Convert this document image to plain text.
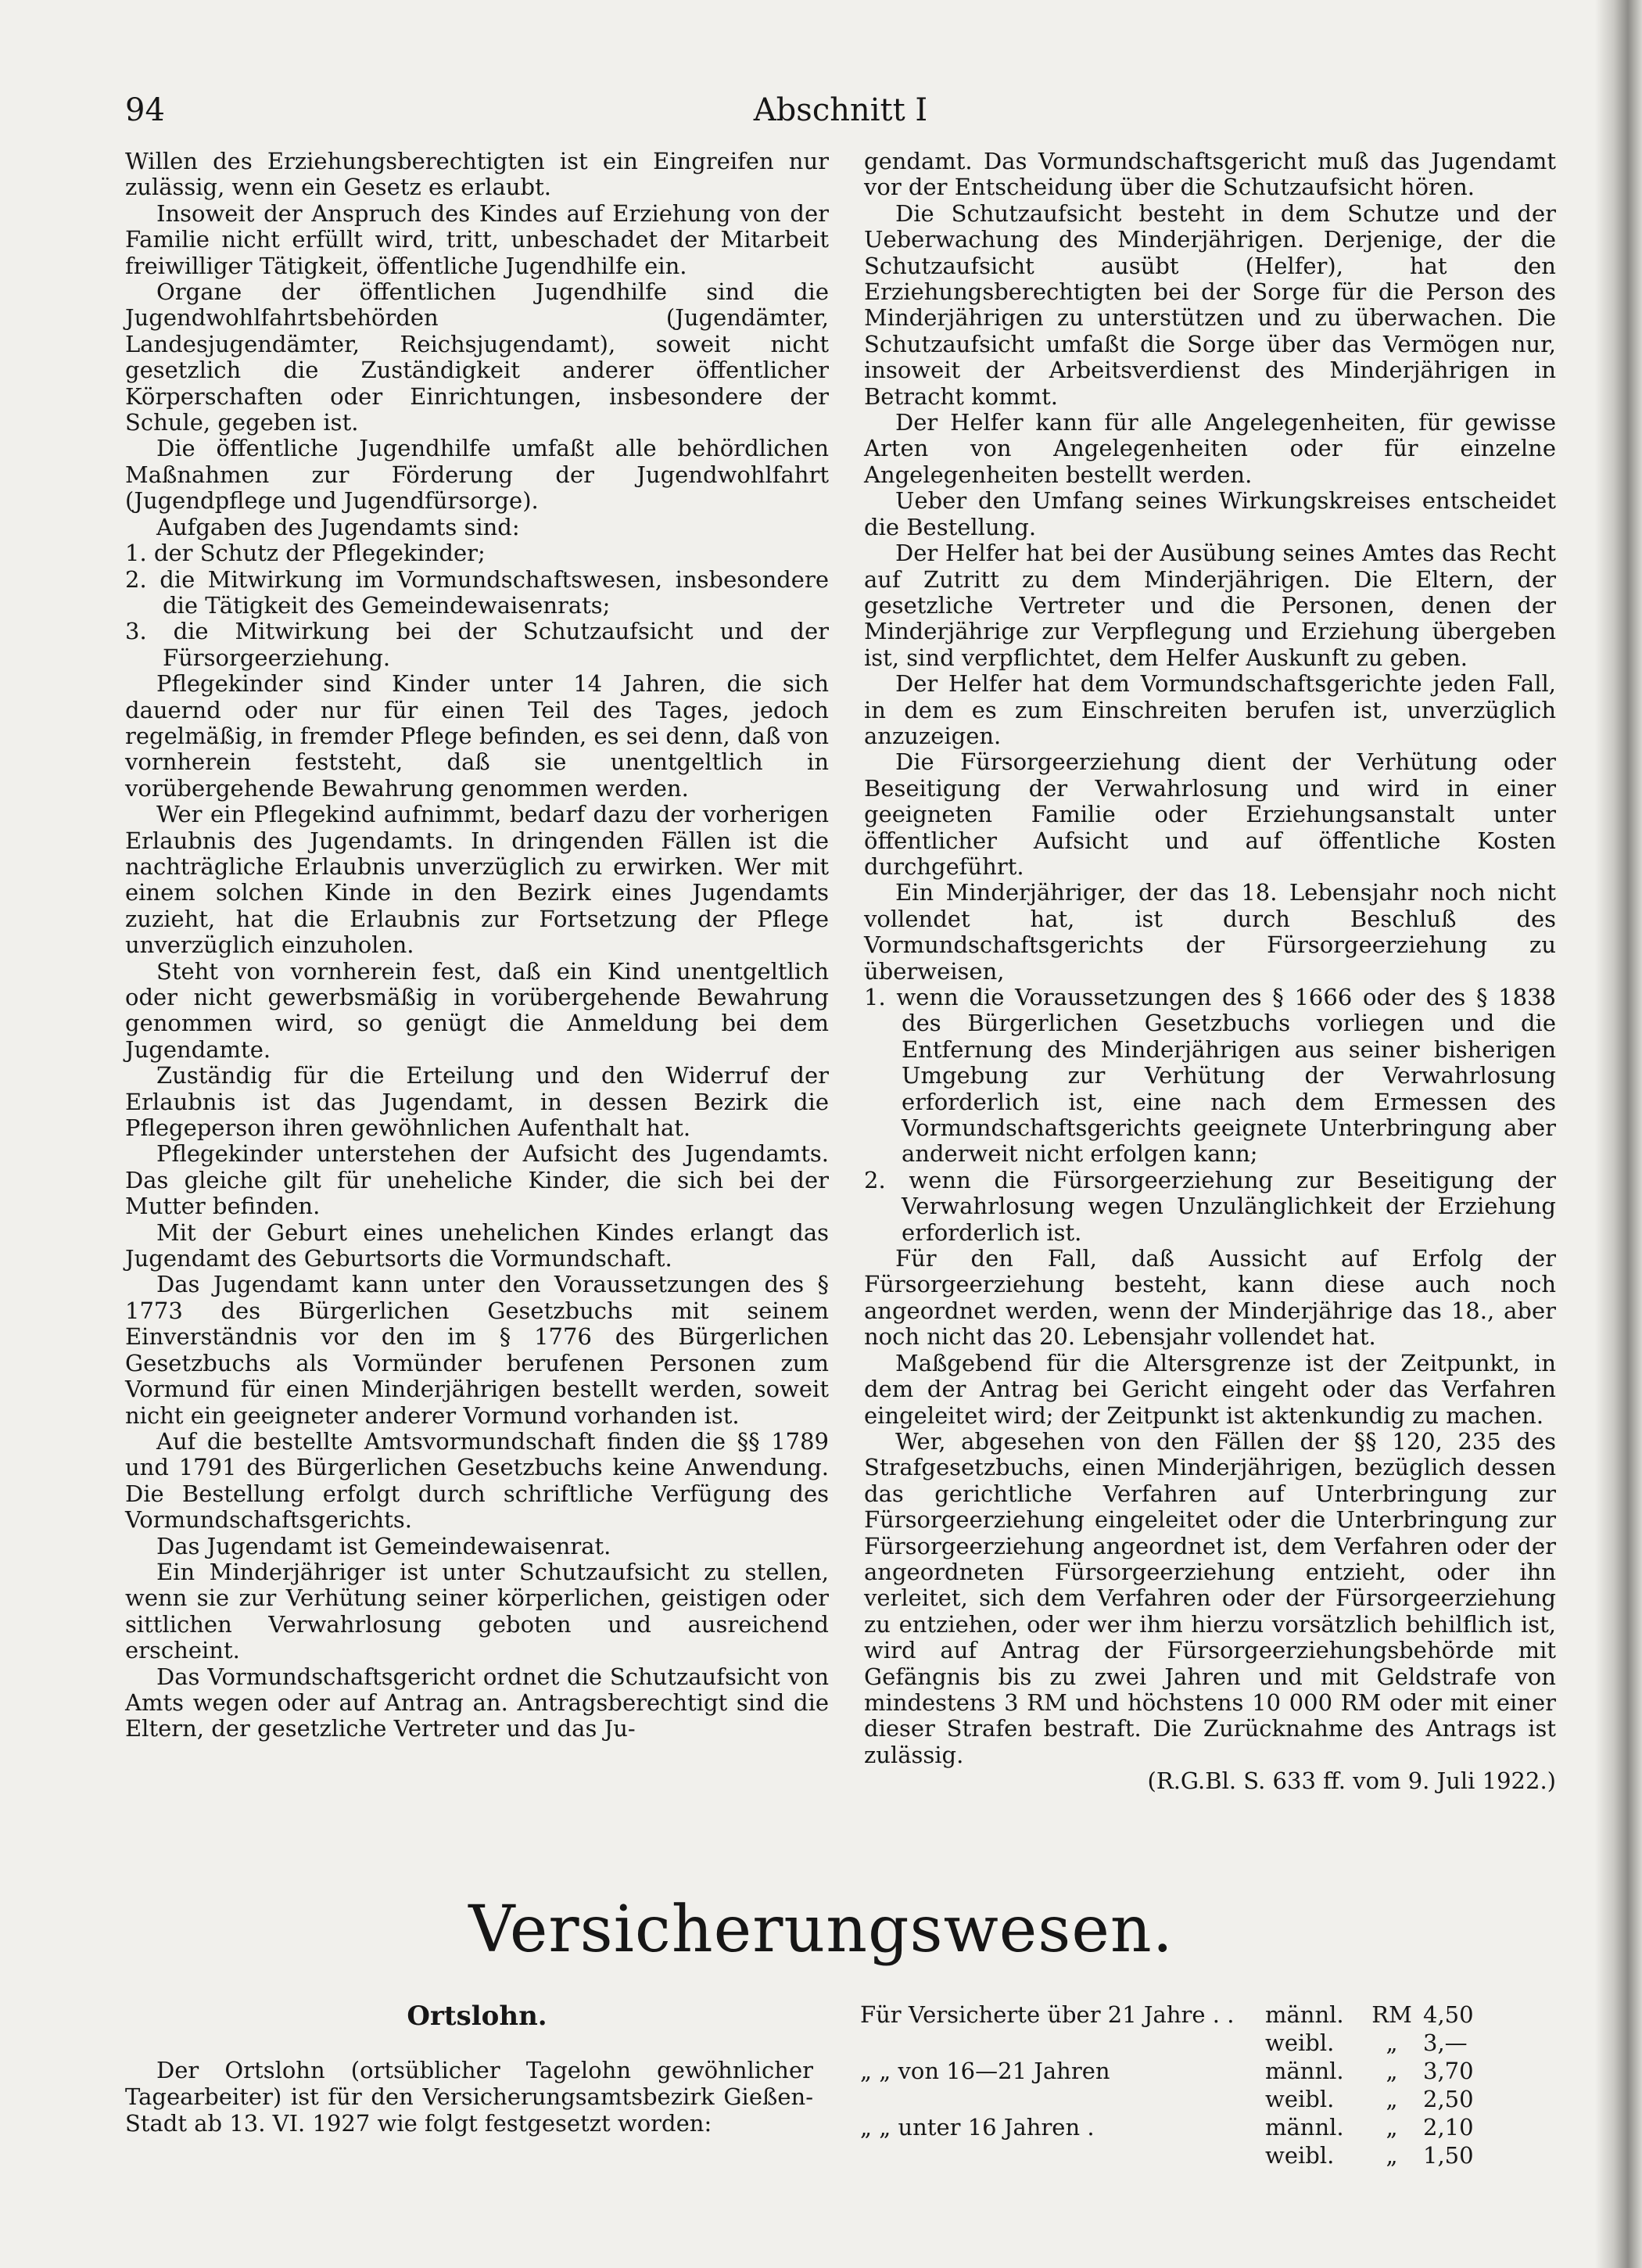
94	Abschnitt I

Willen des Erziehungsberechtigten ist ein Eingreifen nur zulässig, wenn ein Gesetz es erlaubt.

Insoweit der Anspruch des Kindes auf Erziehung von der Familie nicht erfüllt wird, tritt, unbeschadet der Mitarbeit freiwilliger Tätigkeit, öffentliche Jugendhilfe ein.

Organe der öffentlichen Jugendhilfe sind die Jugendwohlfahrtsbehörden (Jugendämter, Landesjugendämter, Reichsjugendamt), soweit nicht gesetzlich die Zuständigkeit anderer öffentlicher Körperschaften oder Einrichtungen, insbesondere der Schule, gegeben ist.

Die öffentliche Jugendhilfe umfaßt alle behördlichen Maßnahmen zur Förderung der Jugendwohlfahrt (Jugendpflege und Jugendfürsorge).

Aufgaben des Jugendamts sind:

1. der Schutz der Pflegekinder;

2. die Mitwirkung im Vormundschaftswesen, insbesondere die Tätigkeit des Gemeindewaisenrats;

3. die Mitwirkung bei der Schutzaufsicht und der Fürsorgeerziehung.

Pflegekinder sind Kinder unter 14 Jahren, die sich dauernd oder nur für einen Teil des Tages, jedoch regelmäßig, in fremder Pflege befinden, es sei denn, daß von vornherein feststeht, daß sie unentgeltlich in vorübergehende Bewahrung genommen werden.

Wer ein Pflegekind aufnimmt, bedarf dazu der vorherigen Erlaubnis des Jugendamts. In dringenden Fällen ist die nachträgliche Erlaubnis unverzüglich zu erwirken. Wer mit einem solchen Kinde in den Bezirk eines Jugendamts zuzieht, hat die Erlaubnis zur Fortsetzung der Pflege unverzüglich einzuholen.

Steht von vornherein fest, daß ein Kind unentgeltlich oder nicht gewerbsmäßig in vorübergehende Bewahrung genommen wird, so genügt die Anmeldung bei dem Jugendamte.

Zuständig für die Erteilung und den Widerruf der Erlaubnis ist das Jugendamt, in dessen Bezirk die Pflegeperson ihren gewöhnlichen Aufenthalt hat.

Pflegekinder unterstehen der Aufsicht des Jugendamts. Das gleiche gilt für uneheliche Kinder, die sich bei der Mutter befinden.

Mit der Geburt eines unehelichen Kindes erlangt das Jugendamt des Geburtsorts die Vormundschaft.

Das Jugendamt kann unter den Voraussetzungen des § 1773 des Bürgerlichen Gesetzbuchs mit seinem Einverständnis vor den im § 1776 des Bürgerlichen Gesetzbuchs als Vormünder berufenen Personen zum Vormund für einen Minderjährigen bestellt werden, soweit nicht ein geeigneter anderer Vormund vorhanden ist.

Auf die bestellte Amtsvormundschaft finden die §§ 1789 und 1791 des Bürgerlichen Gesetzbuchs keine Anwendung. Die Bestellung erfolgt durch schriftliche Verfügung des Vormundschaftsgerichts.

Das Jugendamt ist Gemeindewaisenrat.

Ein Minderjähriger ist unter Schutzaufsicht zu stellen, wenn sie zur Verhütung seiner körperlichen, geistigen oder sittlichen Verwahrlosung geboten und ausreichend erscheint.

Das Vormundschaftsgericht ordnet die Schutzaufsicht von Amts wegen oder auf Antrag an. Antragsberechtigt sind die Eltern, der gesetzliche Vertreter und das Ju-

gendamt. Das Vormundschaftsgericht muß das Jugendamt vor der Entscheidung über die Schutzaufsicht hören.

Die Schutzaufsicht besteht in dem Schutze und der Ueberwachung des Minderjährigen. Derjenige, der die Schutzaufsicht ausübt (Helfer), hat den Erziehungsberechtigten bei der Sorge für die Person des Minderjährigen zu unterstützen und zu überwachen. Die Schutzaufsicht umfaßt die Sorge über das Vermögen nur, insoweit der Arbeitsverdienst des Minderjährigen in Betracht kommt.

Der Helfer kann für alle Angelegenheiten, für gewisse Arten von Angelegenheiten oder für einzelne Angelegenheiten bestellt werden.

Ueber den Umfang seines Wirkungskreises entscheidet die Bestellung.

Der Helfer hat bei der Ausübung seines Amtes das Recht auf Zutritt zu dem Minderjährigen. Die Eltern, der gesetzliche Vertreter und die Personen, denen der Minderjährige zur Verpflegung und Erziehung übergeben ist, sind verpflichtet, dem Helfer Auskunft zu geben.

Der Helfer hat dem Vormundschaftsgerichte jeden Fall, in dem es zum Einschreiten berufen ist, unverzüglich anzuzeigen.

Die Fürsorgeerziehung dient der Verhütung oder Beseitigung der Verwahrlosung und wird in einer geeigneten Familie oder Erziehungsanstalt unter öffentlicher Aufsicht und auf öffentliche Kosten durchgeführt.

Ein Minderjähriger, der das 18. Lebensjahr noch nicht vollendet hat, ist durch Beschluß des Vormundschaftsgerichts der Fürsorgeerziehung zu überweisen,

1. wenn die Voraussetzungen des § 1666 oder des § 1838 des Bürgerlichen Gesetzbuchs vorliegen und die Entfernung des Minderjährigen aus seiner bisherigen Umgebung zur Verhütung der Verwahrlosung erforderlich ist, eine nach dem Ermessen des Vormundschaftsgerichts geeignete Unterbringung aber anderweit nicht erfolgen kann;

2. wenn die Fürsorgeerziehung zur Beseitigung der Verwahrlosung wegen Unzulänglichkeit der Erziehung erforderlich ist.

Für den Fall, daß Aussicht auf Erfolg der Fürsorgeerziehung besteht, kann diese auch noch angeordnet werden, wenn der Minderjährige das 18., aber noch nicht das 20. Lebensjahr vollendet hat.

Maßgebend für die Altersgrenze ist der Zeitpunkt, in dem der Antrag bei Gericht eingeht oder das Verfahren eingeleitet wird; der Zeitpunkt ist aktenkundig zu machen.

Wer, abgesehen von den Fällen der §§ 120, 235 des Strafgesetzbuchs, einen Minderjährigen, bezüglich dessen das gerichtliche Verfahren auf Unterbringung zur Fürsorgeerziehung eingeleitet oder die Unterbringung zur Fürsorgeerziehung angeordnet ist, dem Verfahren oder der angeordneten Fürsorgeerziehung entzieht, oder ihn verleitet, sich dem Verfahren oder der Fürsorgeerziehung zu entziehen, oder wer ihm hierzu vorsätzlich behilflich ist, wird auf Antrag der Fürsorgeerziehungsbehörde mit Gefängnis bis zu zwei Jahren und mit Geldstrafe von mindestens 3 RM und höchstens 10 000 RM oder mit einer dieser Strafen bestraft. Die Zurücknahme des Antrags ist zulässig.

(R.G.Bl. S. 633 ff. vom 9. Juli 1922.)

Versicherungswesen.
Ortslohn.

Der Ortslohn (ortsüblicher Tagelohn gewöhnlicher Tagearbeiter) ist für den Versicherungsamtsbezirk Gießen-Stadt ab 13. VI. 1927 wie folgt festgesetzt worden:

Für Versicherte über 21 Jahre . .	männl.	RM	4,50
	weibl.	„	3,—
„ „ von 16—21 Jahren	männl.	„	3,70
	weibl.	„	2,50
„ „ unter 16 Jahren .	männl.	„	2,10
	weibl.	„	1,50
